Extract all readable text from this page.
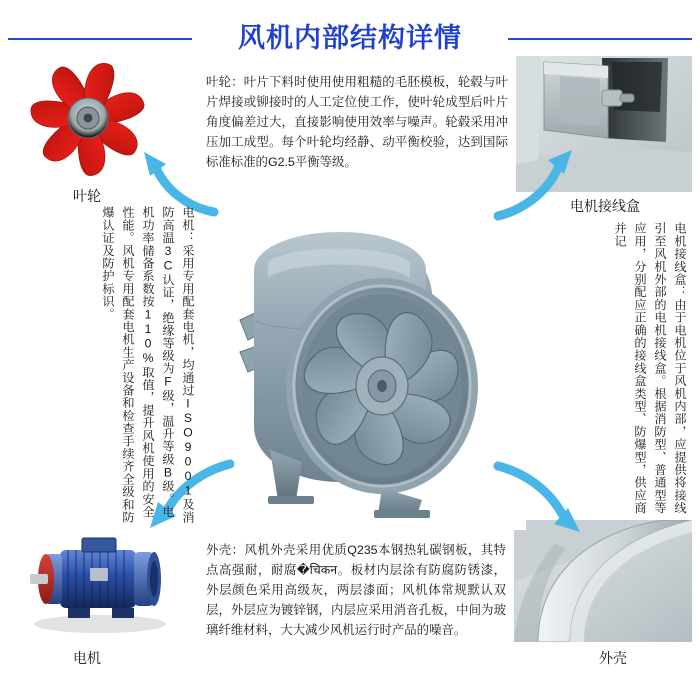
风机内部结构详情
叶轮
电机接线盒
电机	外壳
叶轮：叶片下料时使用使用粗糙的毛胚模板，轮毂与叶片焊接或铆接时的人工定位使工作，使叶轮成型后叶片角度偏差过大，直接影响使用效率与噪声。轮毂采用冲压加工成型。每个叶轮均经静、动平衡校验，达到国际标准标准的G2.5平衡等级。
外壳：风机外壳采用优质Q235本钢热轧碳钢板，其特点高强耐，耐腐�चिकन。板材内层涂有防腐防锈漆，外层颜色采用高级灰，两层漆面；风机体常规默认双层，外层应为镀锌钢，内层应采用消音孔板，中间为玻璃纤维材料，大大减少风机运行时产品的噪音。
电机：采用专用配套电机，均通过ISO9001及消防高温3C认证，绝缘等级为F级，温升等级B级。电机功率储备系数按110%取值，提升风机使用的安全性能。风机专用配套电机生产设备和检查手续齐全级和防爆认证及防护标识。	电机接线盒：由于电机位于风机内部，应提供将接线引至风机外部的电机接线盒。根据消防型、普通型等应用，分别配应正确的接线盒类型、防爆型，供应商并记
